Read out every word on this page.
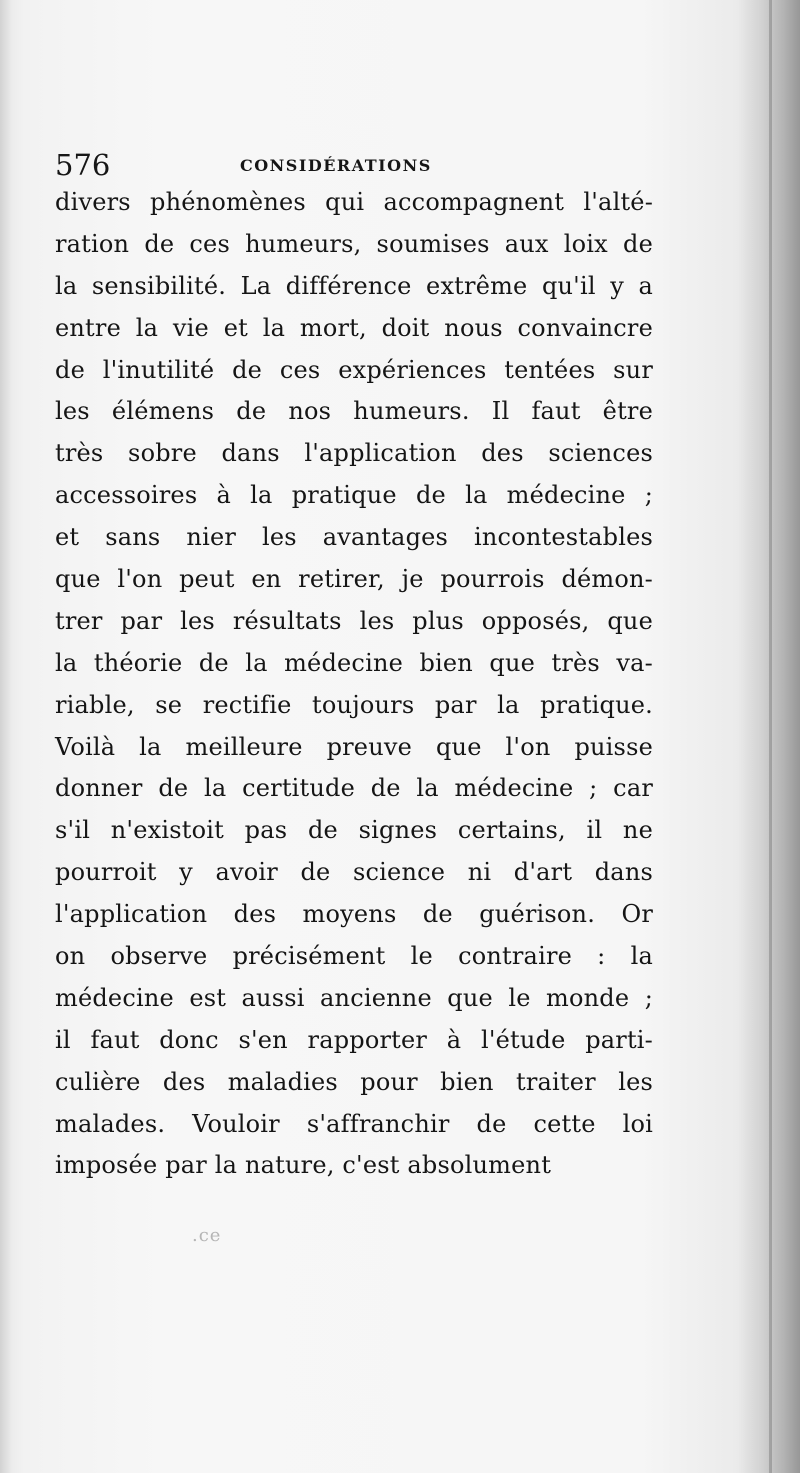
576	CONSIDÉRATIONS
divers phénomènes qui accompagnent l'alté-
ration de ces humeurs, soumises aux loix de
la sensibilité. La différence extrême qu'il y a
entre la vie et la mort, doit nous convaincre
de l'inutilité de ces expériences tentées sur
les élémens de nos humeurs. Il faut être
très sobre dans l'application des sciences
accessoires à la pratique de la médecine ;
et sans nier les avantages incontestables
que l'on peut en retirer, je pourrois démon-
trer par les résultats les plus opposés, que
la théorie de la médecine bien que très va-
riable, se rectifie toujours par la pratique.
Voilà la meilleure preuve que l'on puisse
donner de la certitude de la médecine ; car
s'il n'existoit pas de signes certains, il ne
pourroit y avoir de science ni d'art dans
l'application des moyens de guérison. Or
on observe précisément le contraire : la
médecine est aussi ancienne que le monde ;
il faut donc s'en rapporter à l'étude parti-
culière des maladies pour bien traiter les
malades. Vouloir s'affranchir de cette loi
imposée par la nature, c'est absolument
.ce
